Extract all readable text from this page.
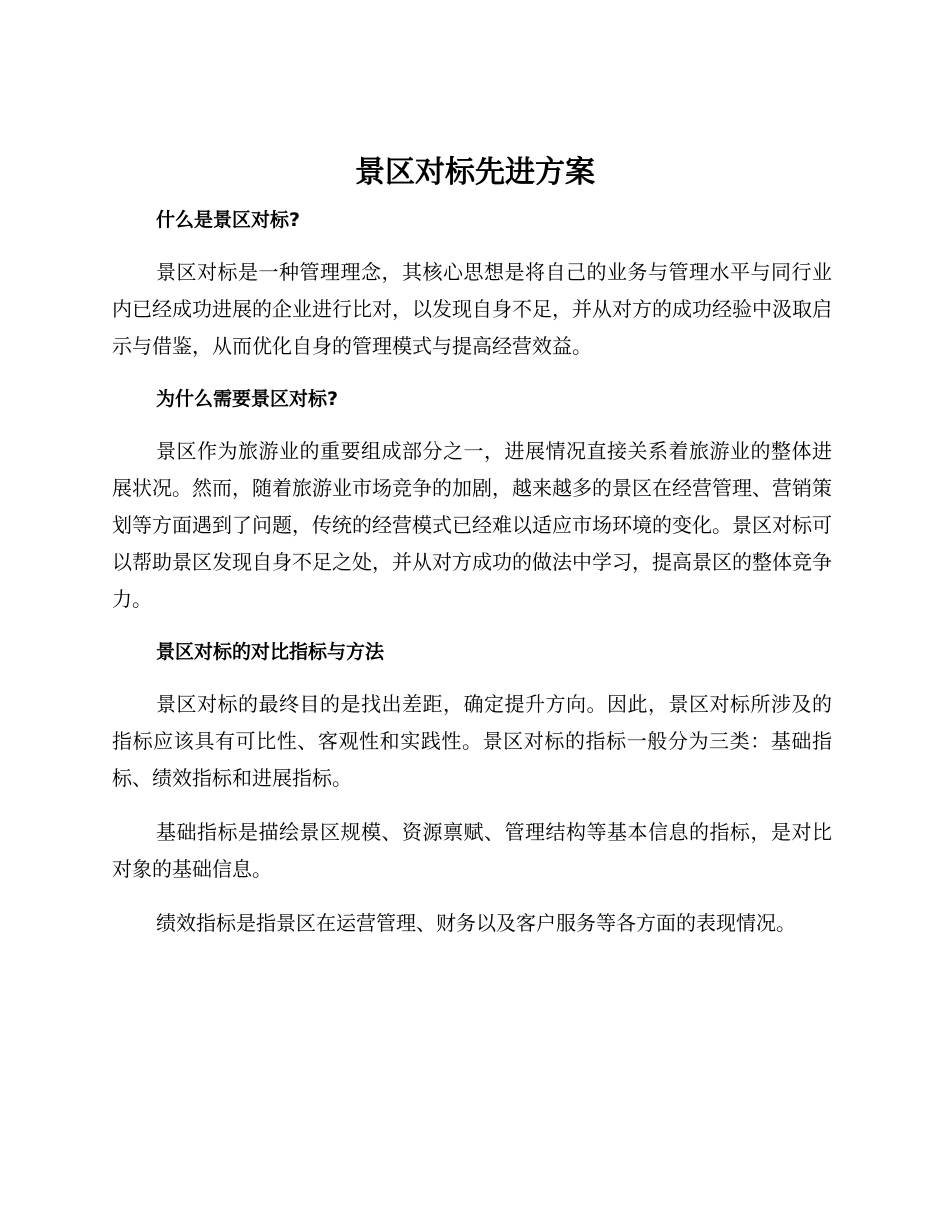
景区对标先进方案
什么是景区对标?

景区对标是一种管理理念，其核心思想是将自己的业务与管理水平与同行业内已经成功进展的企业进行比对，以发现自身不足，并从对方的成功经验中汲取启示与借鉴，从而优化自身的管理模式与提高经营效益。

为什么需要景区对标?

景区作为旅游业的重要组成部分之一，进展情况直接关系着旅游业的整体进展状况。然而，随着旅游业市场竞争的加剧，越来越多的景区在经营管理、营销策划等方面遇到了问题，传统的经营模式已经难以适应市场环境的变化。景区对标可以帮助景区发现自身不足之处，并从对方成功的做法中学习，提高景区的整体竞争力。

景区对标的对比指标与方法

景区对标的最终目的是找出差距，确定提升方向。因此，景区对标所涉及的指标应该具有可比性、客观性和实践性。景区对标的指标一般分为三类：基础指标、绩效指标和进展指标。

基础指标是描绘景区规模、资源禀赋、管理结构等基本信息的指标，是对比对象的基础信息。

绩效指标是指景区在运营管理、财务以及客户服务等各方面的表现情况。
